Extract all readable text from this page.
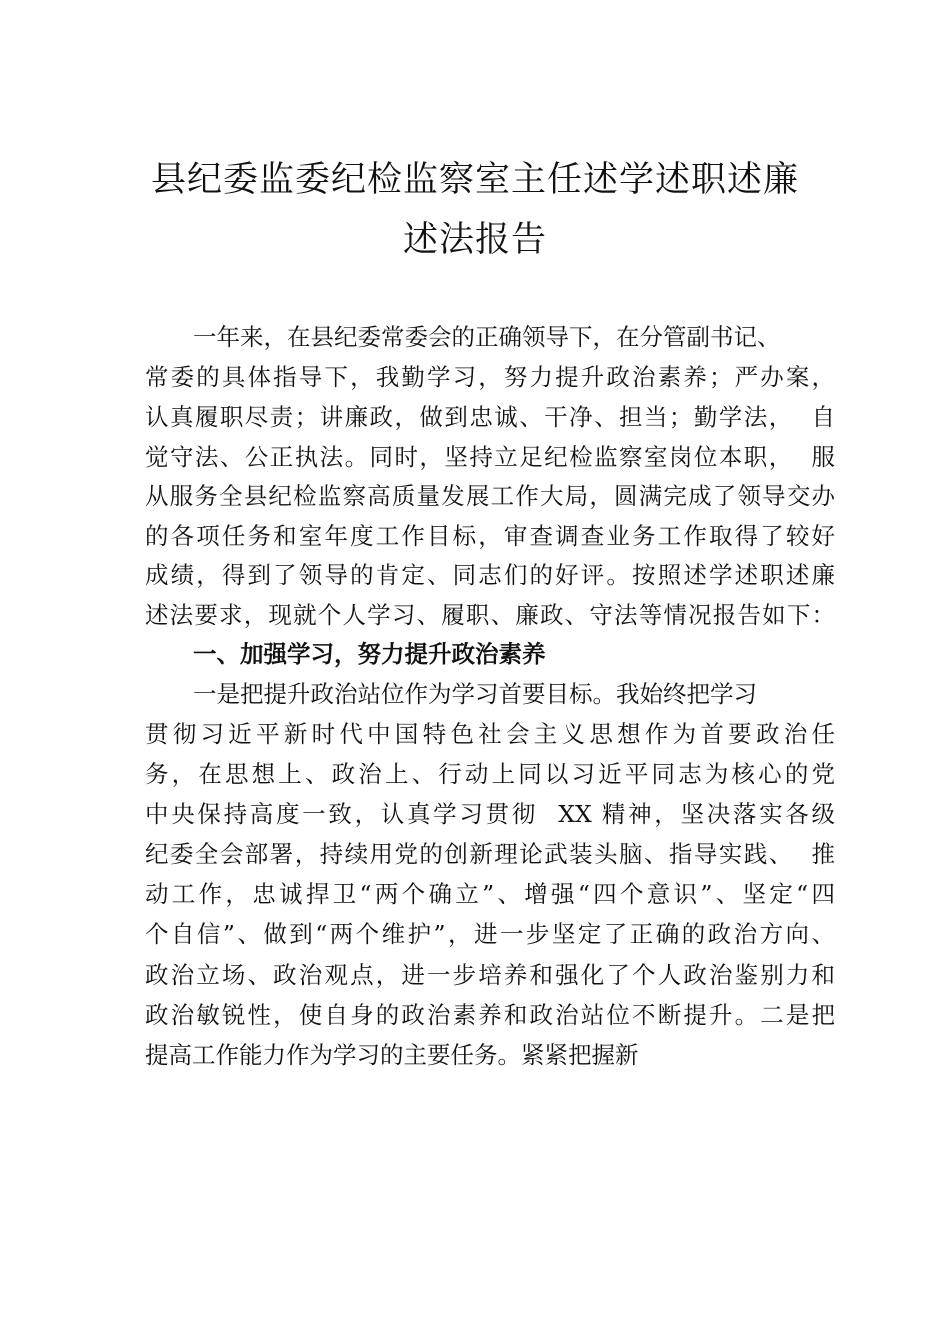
县纪委监委纪检监察室主任述学述职述廉
述法报告
一年来，在县纪委常委会的正确领导下，在分管副书记、
常委的具体指导下，我勤学习，努力提升政治素养；严办案，
认真履职尽责；讲廉政，做到忠诚、干净、担当；勤学法，  自
觉守法、公正执法。同时，坚持立足纪检监察室岗位本职，  服
从服务全县纪检监察高质量发展工作大局，圆满完成了领导交办
的各项任务和室年度工作目标，审查调查业务工作取得了较好
成绩，得到了领导的肯定、同志们的好评。按照述学述职述廉
述法要求，现就个人学习、履职、廉政、守法等情况报告如下：
一、加强学习，努力提升政治素养
一是把提升政治站位作为学习首要目标。我始终把学习
贯彻习近平新时代中国特色社会主义思想作为首要政治任
务，在思想上、政治上、行动上同以习近平同志为核心的党
中央保持高度一致，认真学习贯彻  XX 精神，坚决落实各级
纪委全会部署，持续用党的创新理论武装头脑、指导实践、  推
动工作，忠诚捍卫“两个确立”、增强“四个意识”、坚定“四
个自信”、做到“两个维护”，进一步坚定了正确的政治方向、
政治立场、政治观点，进一步培养和强化了个人政治鉴别力和
政治敏锐性，使自身的政治素养和政治站位不断提升。二是把
提高工作能力作为学习的主要任务。紧紧把握新
